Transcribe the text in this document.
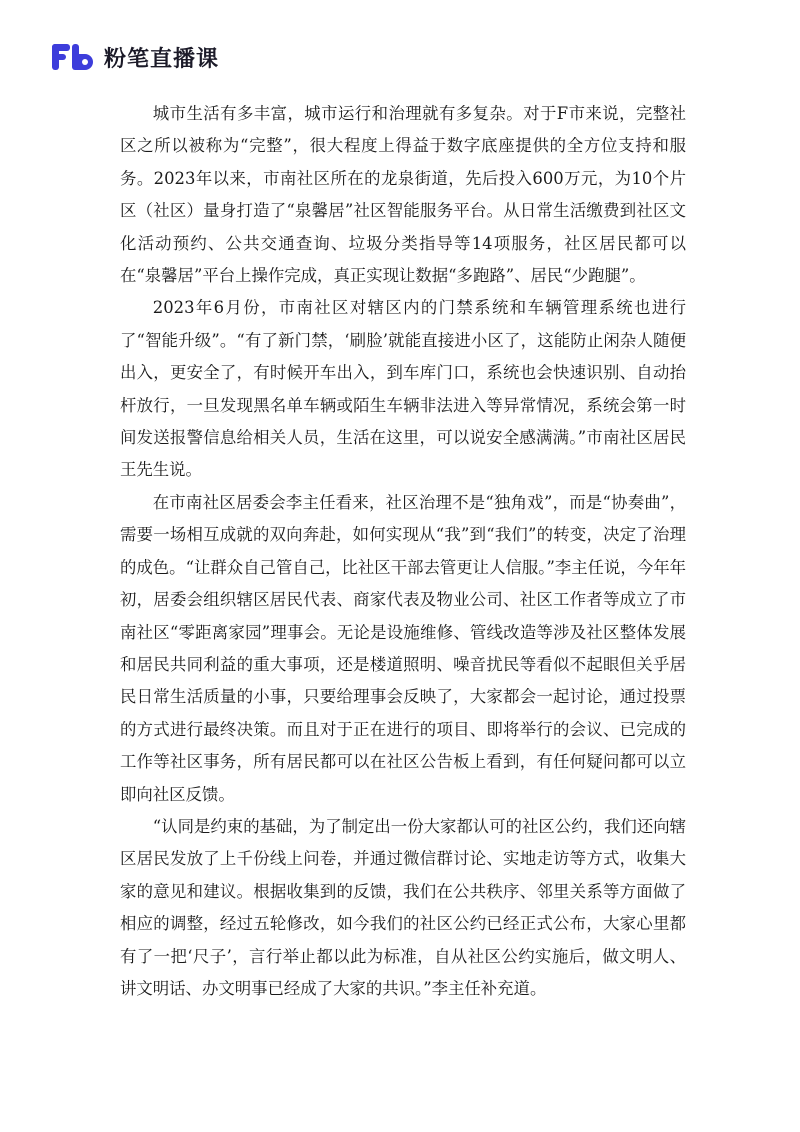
粉笔直播课

城市生活有多丰富，城市运行和治理就有多复杂。对于F市来说，完整社区之所以被称为“完整”，很大程度上得益于数字底座提供的全方位支持和服务。2023年以来，市南社区所在的龙泉街道，先后投入600万元，为10个片区（社区）量身打造了“泉馨居”社区智能服务平台。从日常生活缴费到社区文化活动预约、公共交通查询、垃圾分类指导等14项服务，社区居民都可以在“泉馨居”平台上操作完成，真正实现让数据“多跑路”、居民“少跑腿”。

2023年6月份，市南社区对辖区内的门禁系统和车辆管理系统也进行了“智能升级”。“有了新门禁，‘刷脸’就能直接进小区了，这能防止闲杂人随便出入，更安全了，有时候开车出入，到车库门口，系统也会快速识别、自动抬杆放行，一旦发现黑名单车辆或陌生车辆非法进入等异常情况，系统会第一时间发送报警信息给相关人员，生活在这里，可以说安全感满满。”市南社区居民王先生说。

在市南社区居委会李主任看来，社区治理不是“独角戏”，而是“协奏曲”，需要一场相互成就的双向奔赴，如何实现从“我”到“我们”的转变，决定了治理的成色。“让群众自己管自己，比社区干部去管更让人信服。”李主任说，今年年初，居委会组织辖区居民代表、商家代表及物业公司、社区工作者等成立了市南社区“零距离家园”理事会。无论是设施维修、管线改造等涉及社区整体发展和居民共同利益的重大事项，还是楼道照明、噪音扰民等看似不起眼但关乎居民日常生活质量的小事，只要给理事会反映了，大家都会一起讨论，通过投票的方式进行最终决策。而且对于正在进行的项目、即将举行的会议、已完成的工作等社区事务，所有居民都可以在社区公告板上看到，有任何疑问都可以立即向社区反馈。

“认同是约束的基础，为了制定出一份大家都认可的社区公约，我们还向辖区居民发放了上千份线上问卷，并通过微信群讨论、实地走访等方式，收集大家的意见和建议。根据收集到的反馈，我们在公共秩序、邻里关系等方面做了相应的调整，经过五轮修改，如今我们的社区公约已经正式公布，大家心里都有了一把‘尺子’，言行举止都以此为标准，自从社区公约实施后，做文明人、讲文明话、办文明事已经成了大家的共识。”李主任补充道。
